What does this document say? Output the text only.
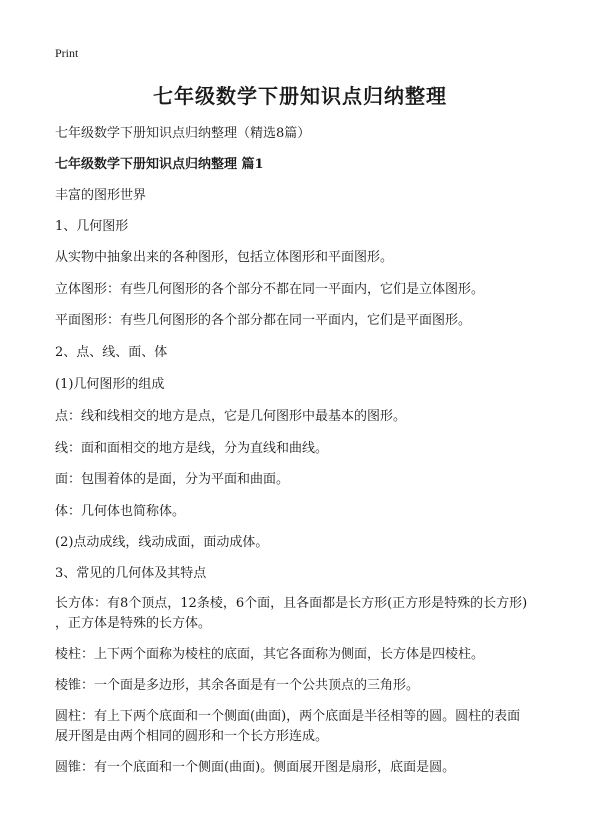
Print
七年级数学下册知识点归纳整理
七年级数学下册知识点归纳整理（精选8篇）
七年级数学下册知识点归纳整理 篇1
丰富的图形世界
1、几何图形
从实物中抽象出来的各种图形，包括立体图形和平面图形。
立体图形：有些几何图形的各个部分不都在同一平面内，它们是立体图形。
平面图形：有些几何图形的各个部分都在同一平面内，它们是平面图形。
2、点、线、面、体
(1)几何图形的组成
点：线和线相交的地方是点，它是几何图形中最基本的图形。
线：面和面相交的地方是线，分为直线和曲线。
面：包围着体的是面，分为平面和曲面。
体：几何体也简称体。
(2)点动成线，线动成面，面动成体。
3、常见的几何体及其特点
长方体：有8个顶点，12条棱，6个面，且各面都是长方形(正方形是特殊的长方形)
，正方体是特殊的长方体。
棱柱：上下两个面称为棱柱的底面，其它各面称为侧面，长方体是四棱柱。
棱锥：一个面是多边形，其余各面是有一个公共顶点的三角形。
圆柱：有上下两个底面和一个侧面(曲面)，两个底面是半径相等的圆。圆柱的表面
展开图是由两个相同的圆形和一个长方形连成。
圆锥：有一个底面和一个侧面(曲面)。侧面展开图是扇形，底面是圆。
